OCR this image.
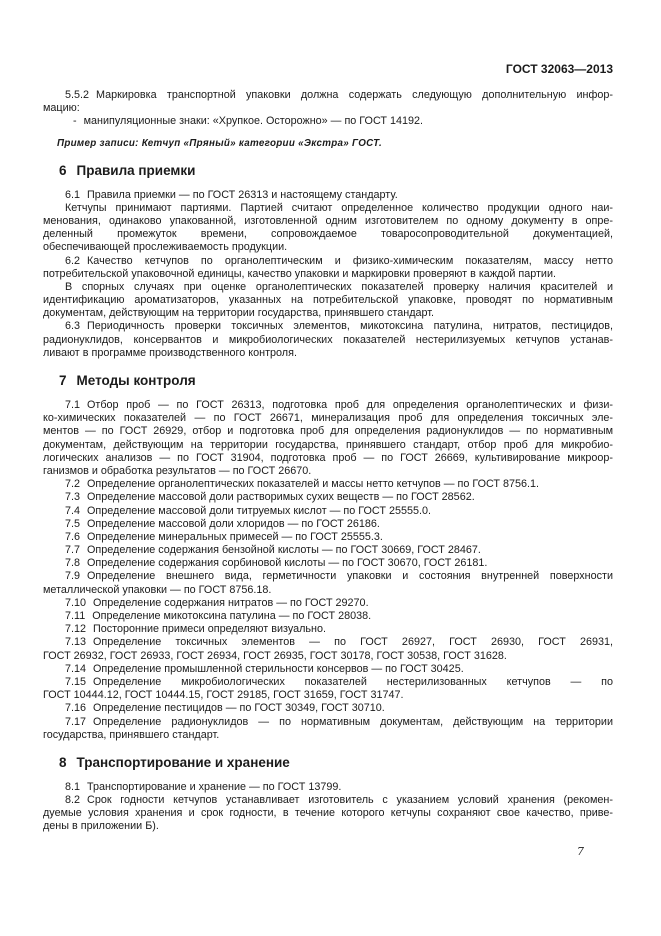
ГОСТ 32063—2013
5.5.2 Маркировка транспортной упаковки должна содержать следующую дополнительную инфор-
мацию:
- манипуляционные знаки: «Хрупкое. Осторожно» — по ГОСТ 14192.
Пример записи: Кетчуп «Пряный» категории «Экстра» ГОСТ.
6 Правила приемки
6.1 Правила приемки — по ГОСТ 26313 и настоящему стандарту.
Кетчупы принимают партиями. Партией считают определенное количество продукции одного наи-
менования, одинаково упакованной, изготовленной одним изготовителем по одному документу в опре-
деленный промежуток времени, сопровождаемое товаросопроводительной документацией,
обеспечивающей прослеживаемость продукции.
6.2 Качество кетчупов по органолептическим и физико-химическим показателям, массу нетто
потребительской упаковочной единицы, качество упаковки и маркировки проверяют в каждой партии.
В спорных случаях при оценке органолептических показателей проверку наличия красителей и
идентификацию ароматизаторов, указанных на потребительской упаковке, проводят по нормативным
документам, действующим на территории государства, принявшего стандарт.
6.3 Периодичность проверки токсичных элементов, микотоксина патулина, нитратов, пестицидов,
радионуклидов, консервантов и микробиологических показателей нестерилизуемых кетчупов устанав-
ливают в программе производственного контроля.
7 Методы контроля
7.1 Отбор проб — по ГОСТ 26313, подготовка проб для определения органолептических и физи-
ко-химических показателей — по ГОСТ 26671, минерализация проб для определения токсичных эле-
ментов — по ГОСТ 26929, отбор и подготовка проб для определения радионуклидов — по нормативным
документам, действующим на территории государства, принявшего стандарт, отбор проб для микробио-
логических анализов — по ГОСТ 31904, подготовка проб — по ГОСТ 26669, культивирование микроор-
ганизмов и обработка результатов — по ГОСТ 26670.
7.2 Определение органолептических показателей и массы нетто кетчупов — по ГОСТ 8756.1.
7.3 Определение массовой доли растворимых сухих веществ — по ГОСТ 28562.
7.4 Определение массовой доли титруемых кислот — по ГОСТ 25555.0.
7.5 Определение массовой доли хлоридов — по ГОСТ 26186.
7.6 Определение минеральных примесей — по ГОСТ 25555.3.
7.7 Определение содержания бензойной кислоты — по ГОСТ 30669, ГОСТ 28467.
7.8 Определение содержания сорбиновой кислоты — по ГОСТ 30670, ГОСТ 26181.
7.9 Определение внешнего вида, герметичности упаковки и состояния внутренней поверхности
металлической упаковки — по ГОСТ 8756.18.
7.10 Определение содержания нитратов — по ГОСТ 29270.
7.11 Определение микотоксина патулина — по ГОСТ 28038.
7.12 Посторонние примеси определяют визуально.
7.13 Определение токсичных элементов — по ГОСТ 26927, ГОСТ 26930, ГОСТ 26931,
ГОСТ 26932, ГОСТ 26933, ГОСТ 26934, ГОСТ 26935, ГОСТ 30178, ГОСТ 30538, ГОСТ 31628.
7.14 Определение промышленной стерильности консервов — по ГОСТ 30425.
7.15 Определение микробиологических показателей нестерилизованных кетчупов — по
ГОСТ 10444.12, ГОСТ 10444.15, ГОСТ 29185, ГОСТ 31659, ГОСТ 31747.
7.16 Определение пестицидов — по ГОСТ 30349, ГОСТ 30710.
7.17 Определение радионуклидов — по нормативным документам, действующим на территории
государства, принявшего стандарт.
8 Транспортирование и хранение
8.1 Транспортирование и хранение — по ГОСТ 13799.
8.2 Срок годности кетчупов устанавливает изготовитель с указанием условий хранения (рекомен-
дуемые условия хранения и срок годности, в течение которого кетчупы сохраняют свое качество, приве-
дены в приложении Б).
7
